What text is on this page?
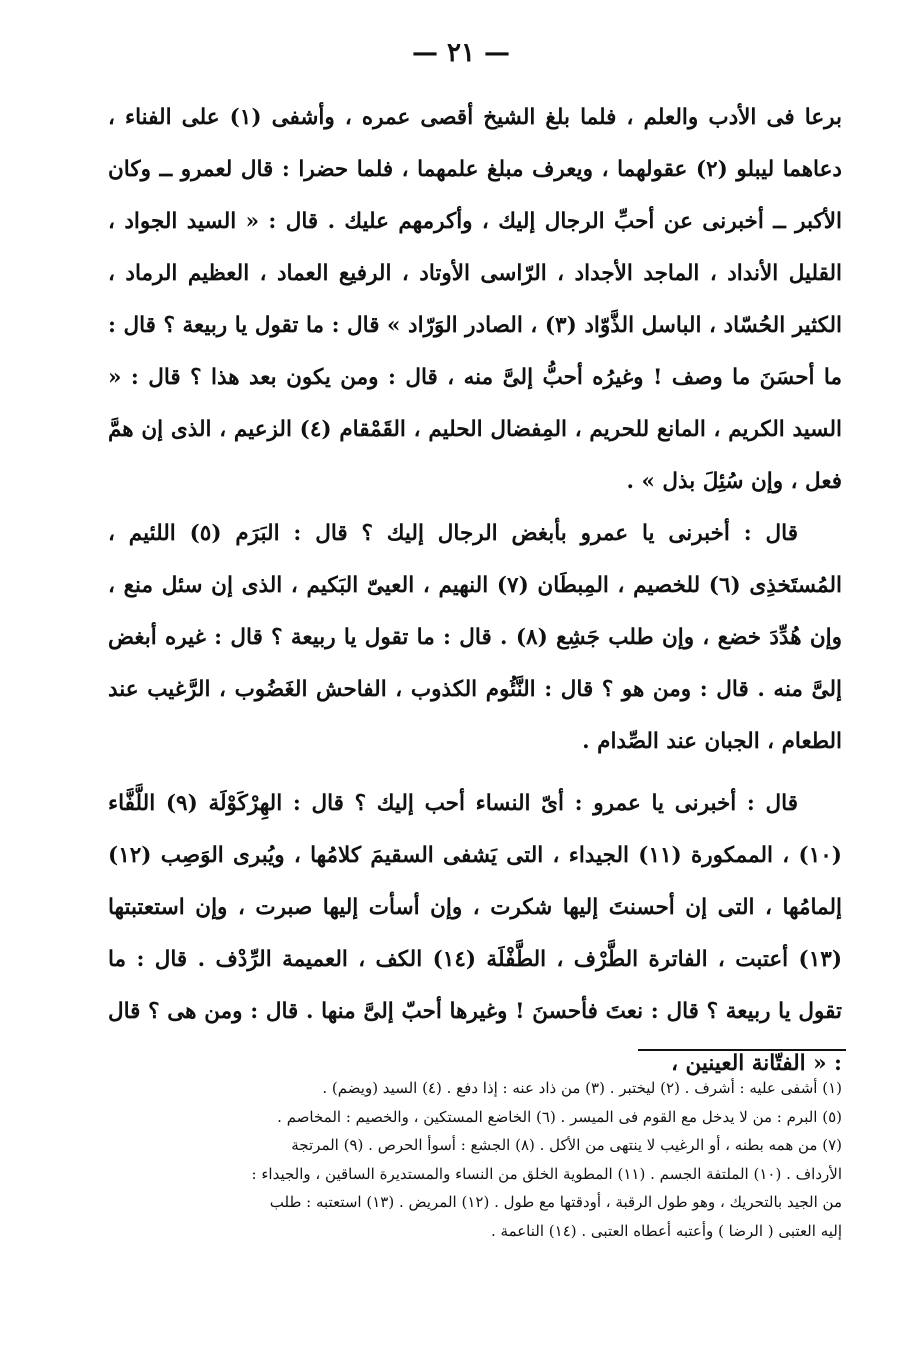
— ٢١ —

برعا فى الأدب والعلم ، فلما بلغ الشيخ أقصى عمره ، وأشفى (١) على الفناء ، دعاهما ليبلو (٢) عقولهما ، ويعرف مبلغ علمهما ، فلما حضرا : قال لعمرو ــ وكان الأكبر ــ أخبرنى عن أحبِّ الرجال إليك ، وأكرمهم عليك . قال : « السيد الجواد ، القليل الأنداد ، الماجد الأجداد ، الرّاسى الأوتاد ، الرفيع العماد ، العظيم الرماد ، الكثير الحُسّاد ، الباسل الذَّوّاد (٣) ، الصادر الوَرّاد » قال : ما تقول يا ربيعة ؟ قال : ما أحسَنَ ما وصف ! وغيرُه أحبُّ إلىَّ منه ، قال : ومن يكون بعد هذا ؟ قال : « السيد الكريم ، المانع للحريم ، المِفضال الحليم ، القَمْقام (٤) الزعيم ، الذى إن همَّ فعل ، وإن سُئِلَ بذل » .

قال : أخبرنى يا عمرو بأبغض الرجال إليك ؟ قال : البَرَم (٥) اللئيم ، المُستَخذِى (٦) للخصيم ، المِبطَان (٧) النهيم ، العيىّ البَكيم ، الذى إن سئل منع ، وإن هُدِّدَ خضع ، وإن طلب جَشِع (٨) . قال : ما تقول يا ربيعة ؟ قال : غيره أبغض إلىَّ منه . قال : ومن هو ؟ قال : النَّئُوم الكذوب ، الفاحش الغَضُوب ، الرَّغيب عند الطعام ، الجبان عند الصِّدام .

قال : أخبرنى يا عمرو : أىّ النساء أحب إليك ؟ قال : الهِرْكَوْلَة (٩) اللَّفَّاء (١٠) ، الممكورة (١١) الجيداء ، التى يَشفى السقيمَ كلامُها ، ويُبرى الوَصِب (١٢) إلمامُها ، التى إن أحسنتَ إليها شكرت ، وإن أسأت إليها صبرت ، وإن استعتبتها (١٣) أعتبت ، الفاترة الطَّرْف ، الطَّفْلَة (١٤) الكف ، العميمة الرِّدْف . قال : ما تقول يا ربيعة ؟ قال : نعتَ فأحسنَ ! وغيرها أحبّ إلىَّ منها . قال : ومن هى ؟ قال : « الفتّانة العينين ،

(١) أشفى عليه : أشرف . (٢) ليختبر . (٣) من ذاد عنه : إذا دفع . (٤) السيد (ويضم) .

(٥) البرم : من لا يدخل مع القوم فى الميسر . (٦) الخاضع المستكين ، والخصيم : المخاصم .

(٧) من همه بطنه ، أو الرغيب لا ينتهى من الأكل . (٨) الجشع : أسوأ الحرص . (٩) المرتجة

الأرداف . (١٠) الملتفة الجسم . (١١) المطوية الخلق من النساء والمستديرة الساقين ، والجيداء :

من الجيد بالتحريك ، وهو طول الرقبة ، أودقتها مع طول . (١٢) المريض . (١٣) استعتبه : طلب

إليه العتبى ( الرضا ) وأعتبه أعطاه العتبى . (١٤) الناعمة .
